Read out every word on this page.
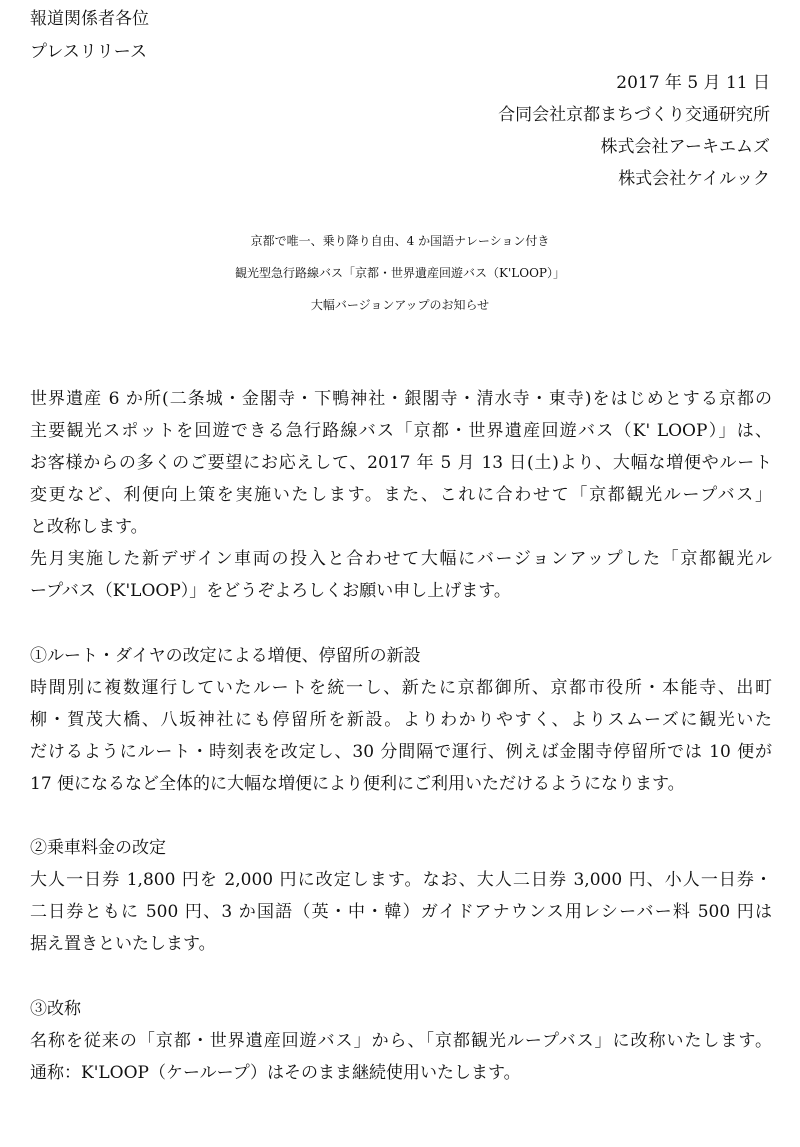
報道関係者各位
プレスリリース
2017 年 5 月 11 日
合同会社京都まちづくり交通研究所
株式会社アーキエムズ
株式会社ケイルック
京都で唯一、乗り降り自由、4 か国語ナレーション付き
観光型急行路線バス「京都・世界遺産回遊バス（K'LOOP）」
大幅バージョンアップのお知らせ
世界遺産 6 か所(二条城・金閣寺・下鴨神社・銀閣寺・清水寺・東寺)をはじめとする京都の
主要観光スポットを回遊できる急行路線バス「京都・世界遺産回遊バス（K' LOOP）」は、
お客様からの多くのご要望にお応えして、2017 年 5 月 13 日(土)より、大幅な増便やルート
変更など、利便向上策を実施いたします。また、これに合わせて「京都観光ループバス」
と改称します。
先月実施した新デザイン車両の投入と合わせて大幅にバージョンアップした「京都観光ル
ープバス（K'LOOP）」をどうぞよろしくお願い申し上げます。
①ルート・ダイヤの改定による増便、停留所の新設
時間別に複数運行していたルートを統一し、新たに京都御所、京都市役所・本能寺、出町
柳・賀茂大橋、八坂神社にも停留所を新設。よりわかりやすく、よりスムーズに観光いた
だけるようにルート・時刻表を改定し、30 分間隔で運行、例えば金閣寺停留所では 10 便が
17 便になるなど全体的に大幅な増便により便利にご利用いただけるようになります。
②乗車料金の改定
大人一日券 1,800 円を 2,000 円に改定します。なお、大人二日券 3,000 円、小人一日券・
二日券ともに 500 円、3 か国語（英・中・韓）ガイドアナウンス用レシーバー料 500 円は
据え置きといたします。
③改称
名称を従来の「京都・世界遺産回遊バス」から、「京都観光ループバス」に改称いたします。
通称：K'LOOP（ケーループ）はそのまま継続使用いたします。
